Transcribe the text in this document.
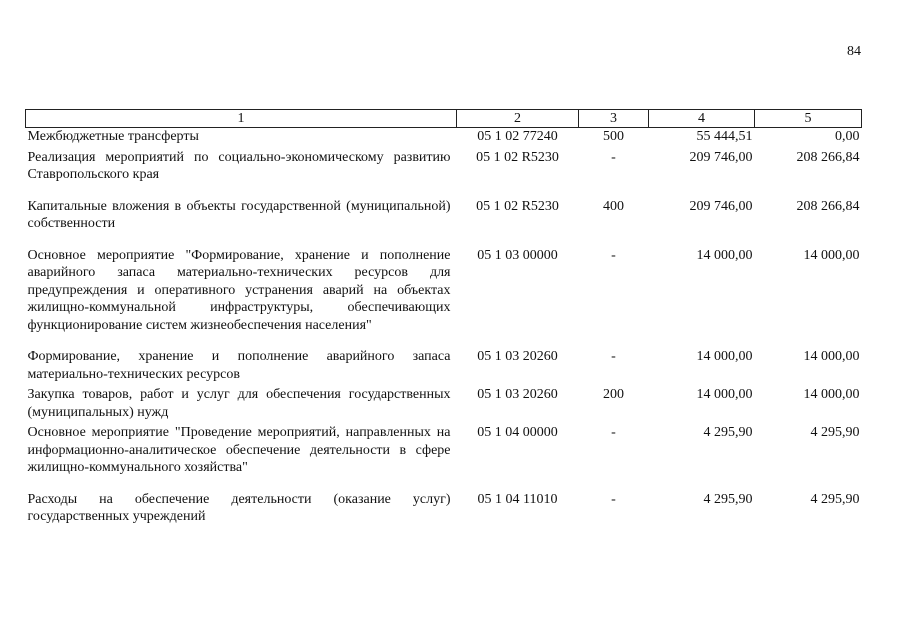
84
1	2	3	4	5
Межбюджетные трансферты	05 1 02 77240	500	55 444,51	0,00
Реализация мероприятий по социально-экономическому развитию Ставропольского края	05 1 02 R5230	-	209 746,00	208 266,84
Капитальные вложения в объекты государственной (муниципальной) собственности	05 1 02 R5230	400	209 746,00	208 266,84
Основное мероприятие "Формирование, хранение и пополнение аварийного запаса материально-технических ресурсов для предупреждения и оперативного устранения аварий на объектах жилищно-коммунальной инфраструктуры, обеспечивающих функционирование систем жизнеобеспечения населения"	05 1 03 00000	-	14 000,00	14 000,00
Формирование, хранение и пополнение аварийного запаса материально-технических ресурсов	05 1 03 20260	-	14 000,00	14 000,00
Закупка товаров, работ и услуг для обеспечения государственных (муниципальных) нужд	05 1 03 20260	200	14 000,00	14 000,00
Основное мероприятие "Проведение мероприятий, направленных на информационно-аналитическое обеспечение деятельности в сфере жилищно-коммунального хозяйства"	05 1 04 00000	-	4 295,90	4 295,90
Расходы на обеспечение деятельности (оказание услуг) государственных учреждений	05 1 04 11010	-	4 295,90	4 295,90
